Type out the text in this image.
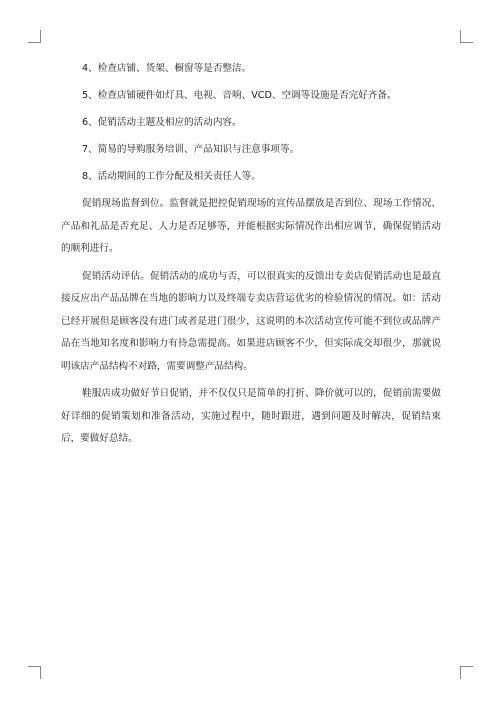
4、检查店铺、货架、橱窗等是否整洁。

5、检查店铺硬件如灯具、电视、音响、VCD、空调等设施是否完好齐备。

6、促销活动主题及相应的活动内容。

7、简易的导购服务培训、产品知识与注意事项等。

8、活动期间的工作分配及相关责任人等。

促销现场监督到位。监督就是把控促销现场的宣传品摆放是否到位、现场工作情况、产品和礼品是否充足、人力是否足够等，并能根据实际情况作出相应调节，确保促销活动的顺利进行。

促销活动评估。促销活动的成功与否，可以很真实的反馈出专卖店促销活动也是最直接反应出产品品牌在当地的影响力以及终端专卖店营运优劣的检验情况的情况。如：活动已经开展但是顾客没有进门或者是进门很少，这说明的本次活动宣传可能不到位或品牌产品在当地知名度和影响力有待急需提高。如果进店顾客不少，但实际成交却很少，那就说明该店产品结构不对路，需要调整产品结构。

鞋服店成功做好节日促销，并不仅仅只是简单的打折、降价就可以的，促销前需要做好详细的促销策划和准备活动，实施过程中，随时跟进，遇到问题及时解决，促销结束后，要做好总结。
